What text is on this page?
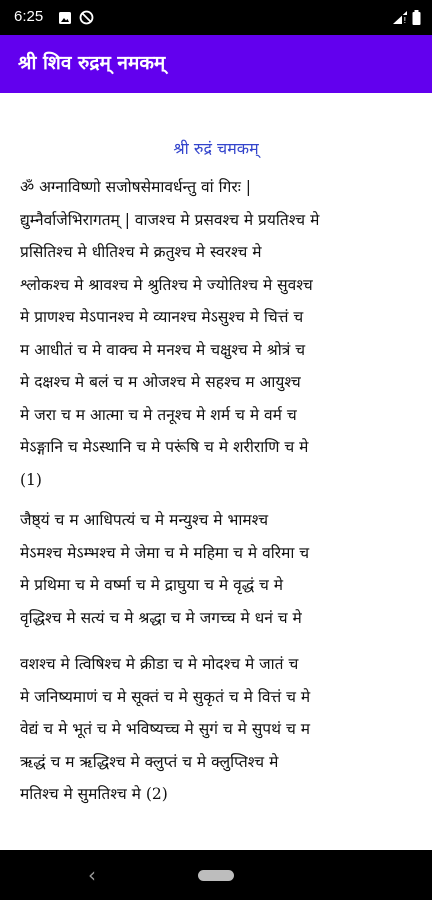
6:25	!
श्री शिव रुद्रम् नमकम्
श्री रुद्रं चमकम्
ॐ अग्नाविष्णो सजोषसेमावर्धन्तु वां गिरः |
द्युम्नैर्वाजेभिरागतम् | वाजश्च मे प्रसवश्च मे प्रयतिश्च मे
प्रसितिश्च मे धीतिश्च मे क्रतुश्च मे स्वरश्च मे
श्लोकश्च मे श्रावश्च मे श्रुतिश्च मे ज्योतिश्च मे सुवश्च
मे प्राणश्च मेऽपानश्च मे व्यानश्च मेऽसुश्च मे चित्तं च
म आधीतं च मे वाक्च मे मनश्च मे चक्षुश्च मे श्रोत्रं च
मे दक्षश्च मे बलं च म ओजश्च मे सहश्च म आयुश्च
मे जरा च म आत्मा च मे तनूश्च मे शर्म च मे वर्म च
मेऽङ्गानि च मेऽस्थानि च मे परूंषि च मे शरीराणि च मे
(1)
जैष्ठ्यं च म आधिपत्यं च मे मन्युश्च मे भामश्च
मेऽमश्च मेऽम्भश्च मे जेमा च मे महिमा च मे वरिमा च
मे प्रथिमा च मे वर्ष्मा च मे द्राघुया च मे वृद्धं च मे
वृद्धिश्च मे सत्यं च मे श्रद्धा च मे जगच्च मे धनं च मे
वशश्च मे त्विषिश्च मे क्रीडा च मे मोदश्च मे जातं च
मे जनिष्यमाणं च मे सूक्तं च मे सुकृतं च मे वित्तं च मे
वेद्यं च मे भूतं च मे भविष्यच्च मे सुगं च मे सुपथं च म
ऋद्धं च म ऋद्धिश्च मे क्लुप्तं च मे क्लुप्तिश्च मे
मतिश्च मे सुमतिश्च मे (2)
‹
